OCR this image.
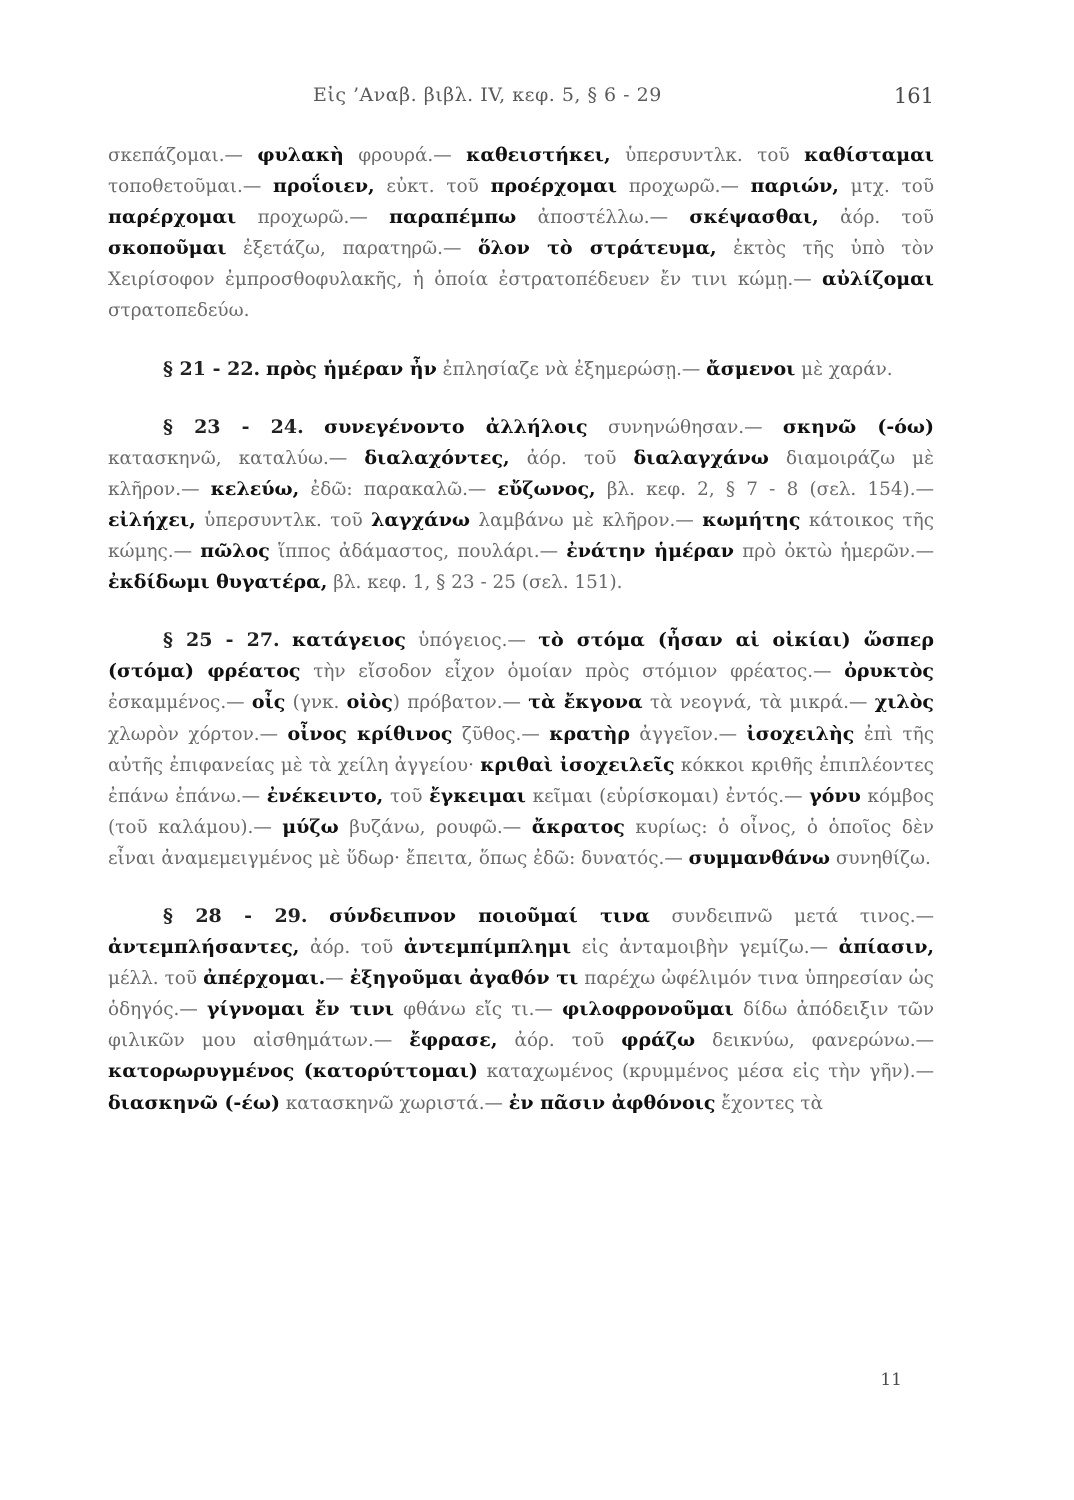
Εἰς ’Αναβ. βιβλ. IV, κεφ. 5, § 6 - 29	161

σκεπάζομαι.— φυλακὴ φρουρά.— καθειστήκει, ὑπερσυντλκ. τοῦ καθίσταμαι τοποθετοῦμαι.— προΐοιεν, εὐκτ. τοῦ προέρχομαι προχωρῶ.— παριών, μτχ. τοῦ παρέρχομαι προχωρῶ.— παραπέμπω ἀποστέλλω.— σκέψασθαι, ἀόρ. τοῦ σκοποῦμαι ἐξετάζω, παρατηρῶ.— ὅλον τὸ στράτευμα, ἐκτὸς τῆς ὑπὸ τὸν Χειρίσοφον ἐμπροσθοφυλακῆς, ἡ ὁποία ἐστρατοπέδευεν ἔν τινι κώμῃ.— αὐλίζομαι στρατοπεδεύω.

§ 21 - 22. πρὸς ἡμέραν ἦν ἐπλησίαζε νὰ ἐξημερώσῃ.— ἄσμενοι μὲ χαράν.

§ 23 - 24. συνεγένοντο ἀλλήλοις συνηνώθησαν.— σκηνῶ (-όω) κατασκηνῶ, καταλύω.— διαλαχόντες, ἀόρ. τοῦ διαλαγχάνω διαμοιράζω μὲ κλῆρον.— κελεύω, ἐδῶ: παρακαλῶ.— εὔζωνος, βλ. κεφ. 2, § 7 - 8 (σελ. 154).— εἰλήχει, ὑπερσυντλκ. τοῦ λαγχάνω λαμβάνω μὲ κλῆρον.— κωμήτης κάτοικος τῆς κώμης.— πῶλος ἵππος ἀδάμαστος, πουλάρι.— ἐνάτην ἡμέραν πρὸ ὀκτὼ ἡμερῶν.— ἐκδίδωμι θυγατέρα, βλ. κεφ. 1, § 23 - 25 (σελ. 151).

§ 25 - 27. κατάγειος ὑπόγειος.— τὸ στόμα (ἦσαν αἱ οἰκίαι) ὥσπερ (στόμα) φρέατος τὴν εἴσοδον εἶχον ὁμοίαν πρὸς στόμιον φρέατος.— ὀρυκτὸς ἐσκαμμένος.— οἶς (γνκ. οἰὸς) πρόβατον.— τὰ ἔκγονα τὰ νεογνά, τὰ μικρά.— χιλὸς χλωρὸν χόρτον.— οἶνος κρίθινος ζῦθος.— κρατὴρ ἀγγεῖον.— ἰσοχειλὴς ἐπὶ τῆς αὐτῆς ἐπιφανείας μὲ τὰ χείλη ἀγγείου· κριθαὶ ἰσοχειλεῖς κόκκοι κριθῆς ἐπιπλέοντες ἐπάνω ἐπάνω.— ἐνέκειντο, τοῦ ἔγκειμαι κεῖμαι (εὑρίσκομαι) ἐντός.— γόνυ κόμβος (τοῦ καλάμου).— μύζω βυζάνω, ρουφῶ.— ἄκρατος κυρίως: ὁ οἶνος, ὁ ὁποῖος δὲν εἶναι ἀναμεμειγμένος μὲ ὕδωρ· ἔπειτα, ὅπως ἐδῶ: δυνατός.— συμμανθάνω συνηθίζω.

§ 28 - 29. σύνδειπνον ποιοῦμαί τινα συνδειπνῶ μετά τινος.— ἀντεμπλήσαντες, ἀόρ. τοῦ ἀντεμπίμπλημι εἰς ἀνταμοιβὴν γεμίζω.— ἀπίασιν, μέλλ. τοῦ ἀπέρχομαι.— ἐξηγοῦμαι ἀγαθόν τι παρέχω ὠφέλιμόν τινα ὑπηρεσίαν ὡς ὁδηγός.— γίγνομαι ἔν τινι φθάνω εἴς τι.— φιλοφρονοῦμαι δίδω ἀπόδειξιν τῶν φιλικῶν μου αἰσθημάτων.— ἔφρασε, ἀόρ. τοῦ φράζω δεικνύω, φανερώνω.— κατορωρυγμένος (κατορύττομαι) καταχωμένος (κρυμμένος μέσα εἰς τὴν γῆν).— διασκηνῶ (-έω) κατασκηνῶ χωριστά.— ἐν πᾶσιν ἀφθόνοις ἔχοντες τὰ

11
